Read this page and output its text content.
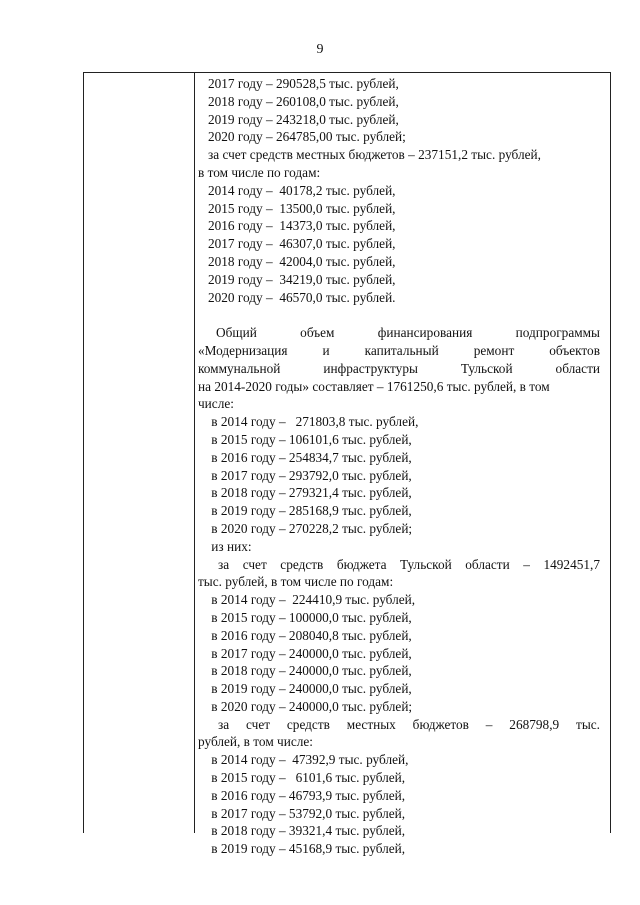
9
2017 году – 290528,5 тыс. рублей,
2018 году – 260108,0 тыс. рублей,
2019 году – 243218,0 тыс. рублей,
2020 году – 264785,00 тыс. рублей;
за счет средств местных бюджетов – 237151,2 тыс. рублей,
в том числе по годам:
2014 году –  40178,2 тыс. рублей,
2015 году –  13500,0 тыс. рублей,
2016 году –  14373,0 тыс. рублей,
2017 году –  46307,0 тыс. рублей,
2018 году –  42004,0 тыс. рублей,
2019 году –  34219,0 тыс. рублей,
2020 году –  46570,0 тыс. рублей.
Общий объем финансирования подпрограммы
«Модернизация и капитальный ремонт объектов
коммунальной инфраструктуры Тульской области
на 2014-2020 годы» составляет – 1761250,6 тыс. рублей, в том
числе:
в 2014 году –   271803,8 тыс. рублей,
в 2015 году – 106101,6 тыс. рублей,
в 2016 году – 254834,7 тыс. рублей,
в 2017 году – 293792,0 тыс. рублей,
в 2018 году – 279321,4 тыс. рублей,
в 2019 году – 285168,9 тыс. рублей,
в 2020 году – 270228,2 тыс. рублей;
из них:
за счет средств бюджета Тульской области – 1492451,7
тыс. рублей, в том числе по годам:
в 2014 году –  224410,9 тыс. рублей,
в 2015 году – 100000,0 тыс. рублей,
в 2016 году – 208040,8 тыс. рублей,
в 2017 году – 240000,0 тыс. рублей,
в 2018 году – 240000,0 тыс. рублей,
в 2019 году – 240000,0 тыс. рублей,
в 2020 году – 240000,0 тыс. рублей;
за счет средств местных бюджетов – 268798,9 тыс.
рублей, в том числе:
в 2014 году –  47392,9 тыс. рублей,
в 2015 году –   6101,6 тыс. рублей,
в 2016 году – 46793,9 тыс. рублей,
в 2017 году – 53792,0 тыс. рублей,
в 2018 году – 39321,4 тыс. рублей,
в 2019 году – 45168,9 тыс. рублей,
